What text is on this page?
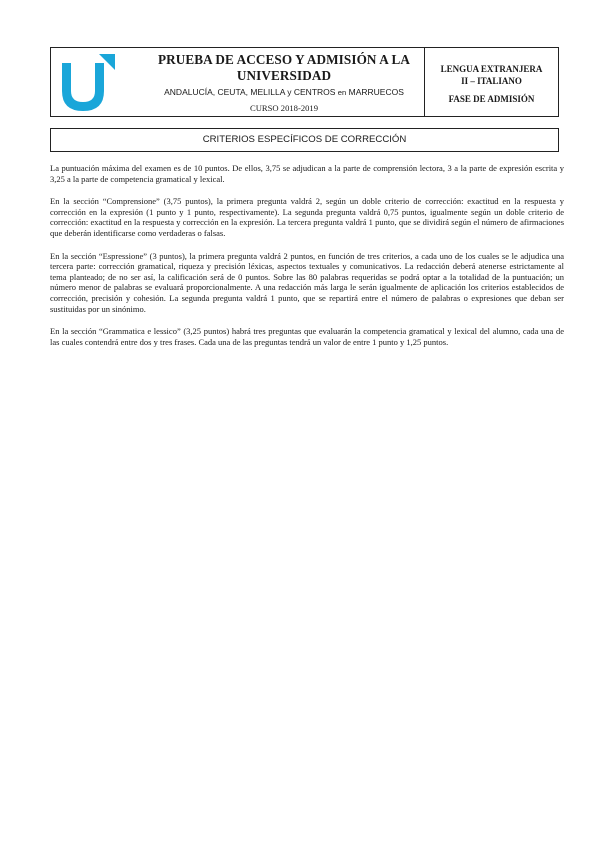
PRUEBA DE ACCESO Y ADMISIÓN A LA UNIVERSIDAD
ANDALUCÍA, CEUTA, MELILLA y CENTROS en MARRUECOS
CURSO 2018-2019
LENGUA EXTRANJERA
II – ITALIANO
FASE DE ADMISIÓN
CRITERIOS ESPECÍFICOS DE CORRECCIÓN

La puntuación máxima del examen es de 10 puntos. De ellos, 3,75 se adjudican a la parte de comprensión lectora, 3 a la parte de expresión escrita y 3,25 a la parte de competencia gramatical y lexical.

En la sección “Comprensione” (3,75 puntos), la primera pregunta valdrá 2, según un doble criterio de corrección: exactitud en la respuesta y corrección en la expresión (1 punto y 1 punto, respectivamente). La segunda pregunta valdrá 0,75 puntos, igualmente según un doble criterio de corrección: exactitud en la respuesta y corrección en la expresión. La tercera pregunta valdrá 1 punto, que se dividirá según el número de afirmaciones que deberán identificarse como verdaderas o falsas.

En la sección “Espressione” (3 puntos), la primera pregunta valdrá 2 puntos, en función de tres criterios, a cada uno de los cuales se le adjudica una tercera parte: corrección gramatical, riqueza y precisión léxicas, aspectos textuales y comunicativos. La redacción deberá atenerse estrictamente al tema planteado; de no ser así, la calificación será de 0 puntos. Sobre las 80 palabras requeridas se podrá optar a la totalidad de la puntuación; un número menor de palabras se evaluará proporcionalmente. A una redacción más larga le serán igualmente de aplicación los criterios establecidos de corrección, precisión y cohesión. La segunda pregunta valdrá 1 punto, que se repartirá entre el número de palabras o expresiones que deban ser sustituidas por un sinónimo.

En la sección “Grammatica e lessico” (3,25 puntos) habrá tres preguntas que evaluarán la competencia gramatical y lexical del alumno, cada una de las cuales contendrá entre dos y tres frases. Cada una de las preguntas tendrá un valor de entre 1 punto y 1,25 puntos.
